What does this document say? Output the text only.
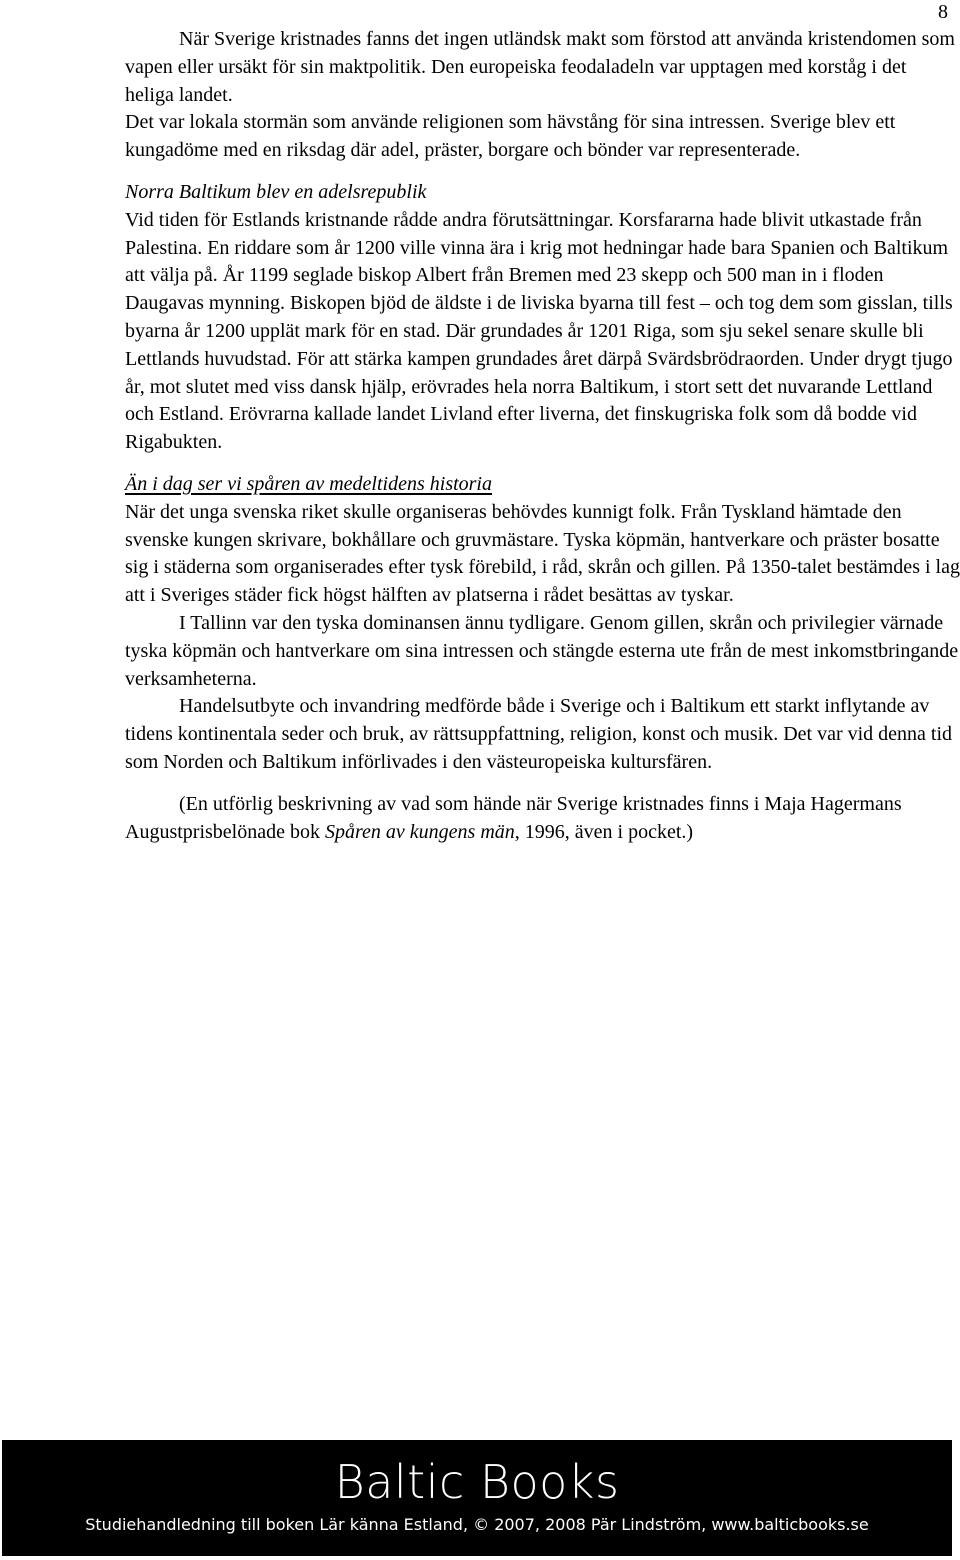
8

När Sverige kristnades fanns det ingen utländsk makt som förstod att använda kristendomen som vapen eller ursäkt för sin maktpolitik. Den europeiska feodaladeln var upptagen med korståg i det heliga landet.

Det var lokala stormän som använde religionen som hävstång för sina intressen. Sverige blev ett kungadöme med en riksdag där adel, präster, borgare och bönder var representerade.

Norra Baltikum blev en adelsrepublik

Vid tiden för Estlands kristnande rådde andra förutsättningar. Korsfararna hade blivit utkastade från Palestina. En riddare som år 1200 ville vinna ära i krig mot hedningar hade bara Spanien och Baltikum att välja på. År 1199 seglade biskop Albert från Bremen med 23 skepp och 500 man in i floden Daugavas mynning. Biskopen bjöd de äldste i de liviska byarna till fest – och tog dem som gisslan, tills byarna år 1200 upplät mark för en stad. Där grundades år 1201 Riga, som sju sekel senare skulle bli Lettlands huvudstad. För att stärka kampen grundades året därpå Svärdsbrödraorden. Under drygt tjugo år, mot slutet med viss dansk hjälp, erövrades hela norra Baltikum, i stort sett det nuvarande Lettland och Estland. Erövrarna kallade landet Livland efter liverna, det finskugriska folk som då bodde vid Rigabukten.

Än i dag ser vi spåren av medeltidens historia

När det unga svenska riket skulle organiseras behövdes kunnigt folk. Från Tyskland hämtade den svenske kungen skrivare, bokhållare och gruvmästare. Tyska köpmän, hantverkare och präster bosatte sig i städerna som organiserades efter tysk förebild, i råd, skrån och gillen. På 1350-talet bestämdes i lag att i Sveriges städer fick högst hälften av platserna i rådet besättas av tyskar.

I Tallinn var den tyska dominansen ännu tydligare. Genom gillen, skrån och privilegier värnade tyska köpmän och hantverkare om sina intressen och stängde esterna ute från de mest inkomstbringande verksamheterna.

Handelsutbyte och invandring medförde både i Sverige och i Baltikum ett starkt inflytande av tidens kontinentala seder och bruk, av rättsuppfattning, religion, konst och musik. Det var vid denna tid som Norden och Baltikum införlivades i den västeuropeiska kultursfären.

(En utförlig beskrivning av vad som hände när Sverige kristnades finns i Maja Hagermans Augustprisbelönade bok Spåren av kungens män, 1996, även i pocket.)

Baltic Books
Studiehandledning till boken Lär känna Estland, © 2007, 2008 Pär Lindström, www.balticbooks.se
